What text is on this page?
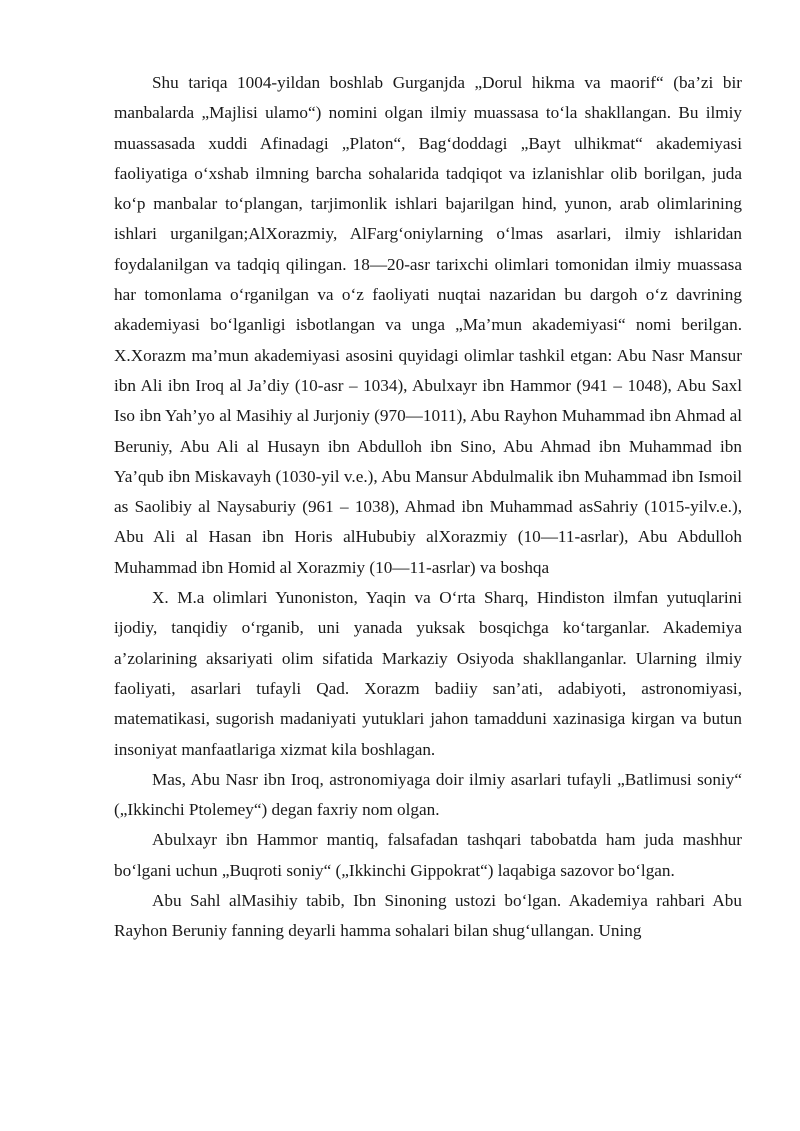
Shu tariqa 1004-yildan boshlab Gurganjda „Dorul hikma va maorif“ (ba’zi bir manbalarda „Majlisi ulamo“) nomini olgan ilmiy muassasa to‘la shakllangan. Bu ilmiy muassasada xuddi Afinadagi „Platon“, Bag‘doddagi „Bayt ulhikmat“ akademiyasi faoliyatiga o‘xshab ilmning barcha sohalarida tadqiqot va izlanishlar olib borilgan, juda ko‘p manbalar to‘plangan, tarjimonlik ishlari bajarilgan hind, yunon, arab olimlarining ishlari urganilgan;AlXorazmiy, AlFarg‘oniylarning o‘lmas asarlari, ilmiy ishlaridan foydalanilgan va tadqiq qilingan. 18—20-asr tarixchi olimlari tomonidan ilmiy muassasa har tomonlama o‘rganilgan va o‘z faoliyati nuqtai nazaridan bu dargoh o‘z davrining akademiyasi bo‘lganligi isbotlangan va unga „Ma’mun akademiyasi“ nomi berilgan. X.Xorazm ma’mun akademiyasi asosini quyidagi olimlar tashkil etgan: Abu Nasr Mansur ibn Ali ibn Iroq al Ja’diy (10-asr – 1034), Abulxayr ibn Hammor (941 – 1048), Abu Saxl Iso ibn Yah’yo al Masihiy al Jurjoniy (970—1011), Abu Rayhon Muhammad ibn Ahmad al Beruniy, Abu Ali al Husayn ibn Abdulloh ibn Sino, Abu Ahmad ibn Muhammad ibn Ya’qub ibn Miskavayh (1030-yil v.e.), Abu Mansur Abdulmalik ibn Muhammad ibn Ismoil as Saolibiy al Naysaburiy (961 – 1038), Ahmad ibn Muhammad asSahriy (1015-yilv.e.), Abu Ali al Hasan ibn Horis alHububiy alXorazmiy (10—11-asrlar), Abu Abdulloh Muhammad ibn Homid al Xorazmiy (10—11-asrlar) va boshqa

X. M.a olimlari Yunoniston, Yaqin va O‘rta Sharq, Hindiston ilmfan yutuqlarini ijodiy, tanqidiy o‘rganib, uni yanada yuksak bosqichga ko‘targanlar. Akademiya a’zolarining aksariyati olim sifatida Markaziy Osiyoda shakllanganlar. Ularning ilmiy faoliyati, asarlari tufayli Qad. Xorazm badiiy san’ati, adabiyoti, astronomiyasi, matematikasi, sugorish madaniyati yutuklari jahon tamadduni xazinasiga kirgan va butun insoniyat manfaatlariga xizmat kila boshlagan.

Mas, Abu Nasr ibn Iroq, astronomiyaga doir ilmiy asarlari tufayli „Batlimusi soniy“ („Ikkinchi Ptolemey“) degan faxriy nom olgan.

Abulxayr ibn Hammor mantiq, falsafadan tashqari tabobatda ham juda mashhur bo‘lgani uchun „Buqroti soniy“ („Ikkinchi Gippokrat“) laqabiga sazovor bo‘lgan.

Abu Sahl alMasihiy tabib, Ibn Sinoning ustozi bo‘lgan. Akademiya rahbari Abu Rayhon Beruniy fanning deyarli hamma sohalari bilan shug‘ullangan. Uning
